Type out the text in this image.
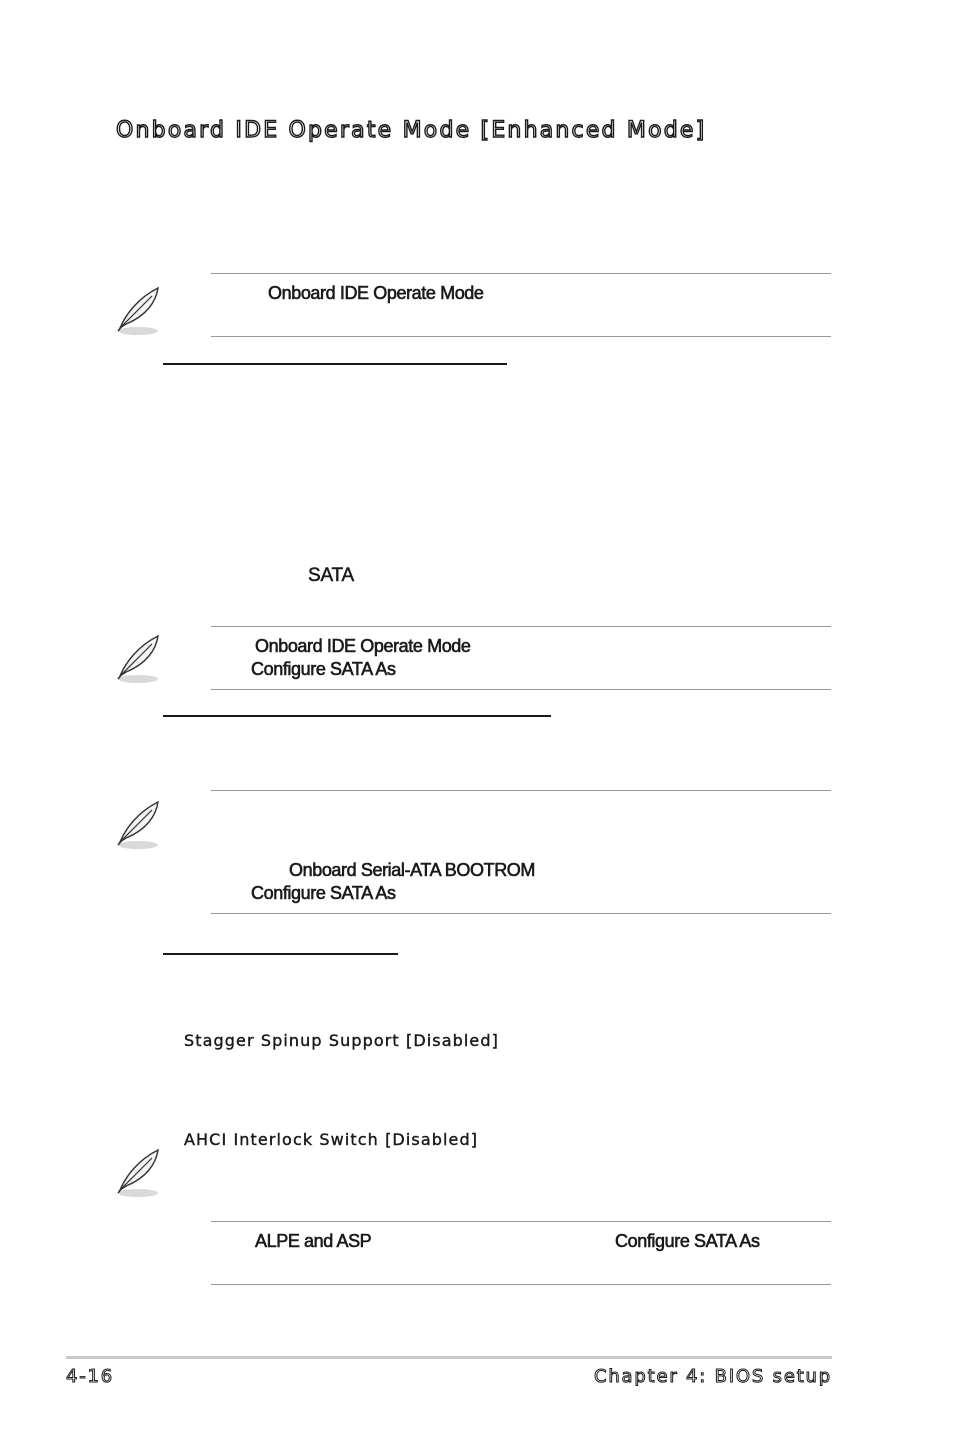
Onboard IDE Operate Mode [Enhanced Mode]
Onboard IDE Operate Mode
SATA
Onboard IDE Operate Mode
Configure SATA As
Onboard Serial-ATA BOOTROM
Configure SATA As
Stagger Spinup Support [Disabled]
AHCI Interlock Switch [Disabled]
ALPE and ASP	Configure SATA As
4-16	Chapter 4: BIOS setup
